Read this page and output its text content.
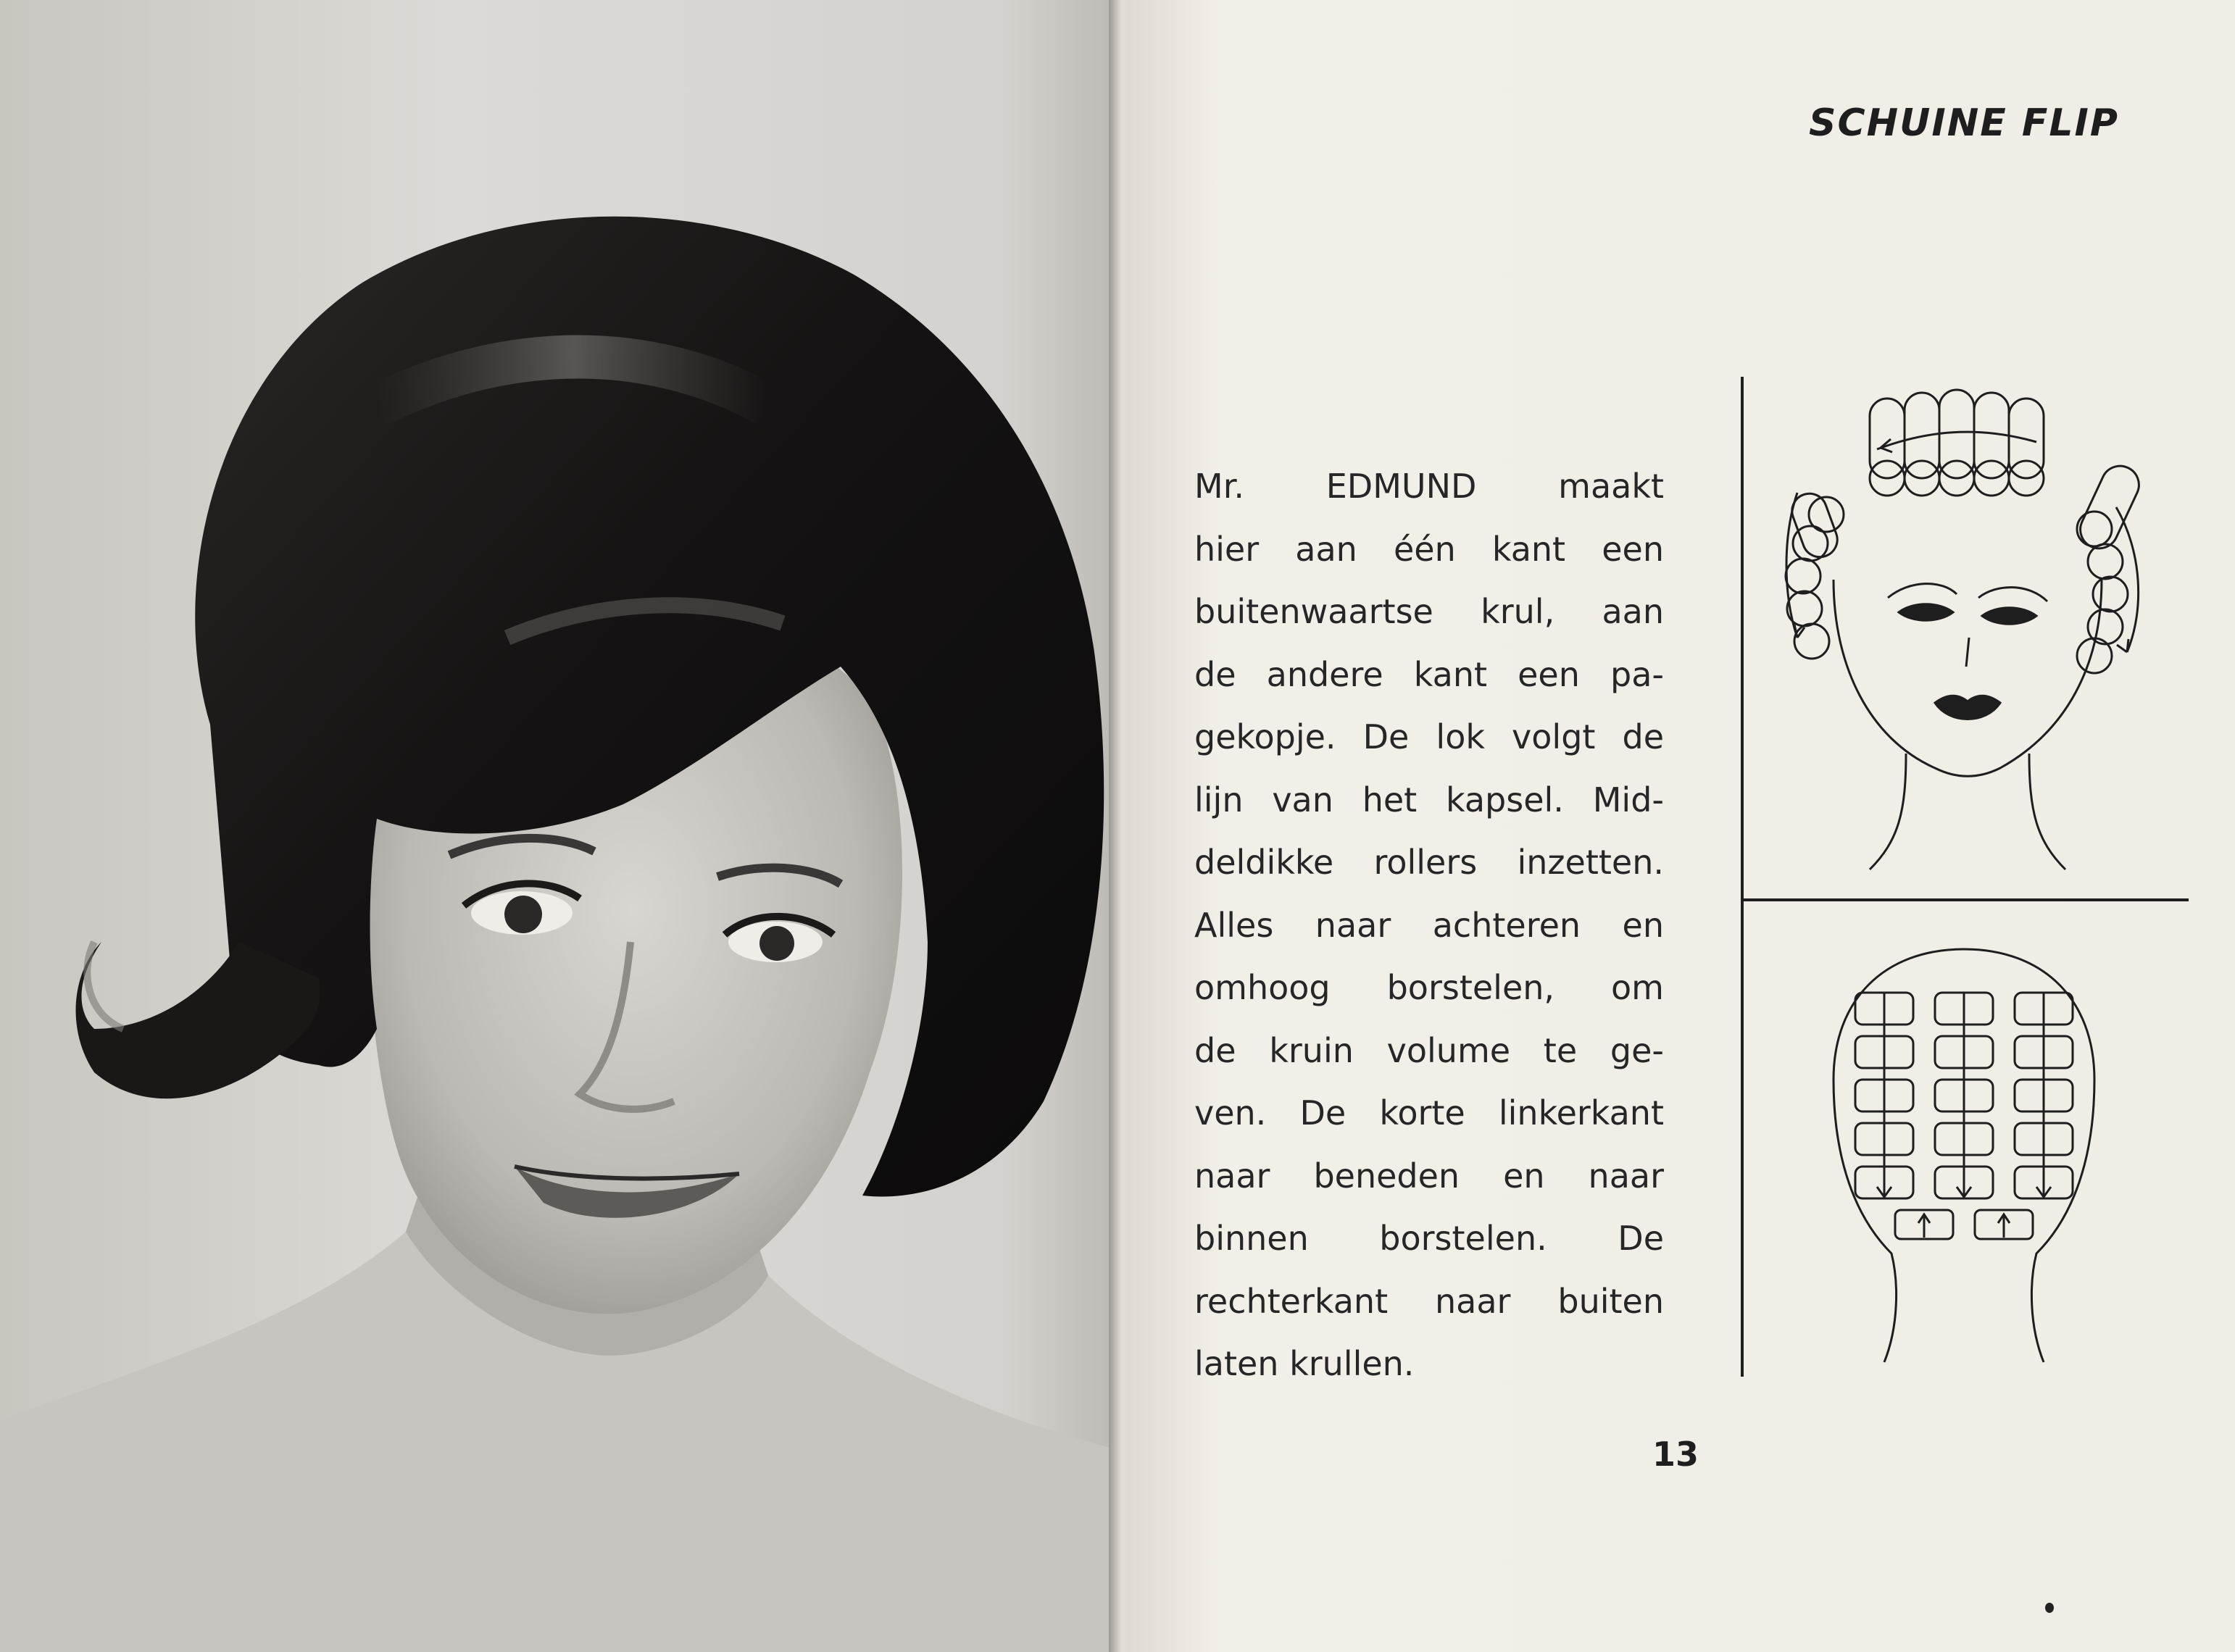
SCHUINE FLIP
Mr. EDMUND maakt
hier aan één kant een
buitenwaartse krul, aan
de andere kant een pa-
gekopje. De lok volgt de
lijn van het kapsel. Mid-
deldikke rollers inzetten.
Alles naar achteren en
omhoog borstelen, om
de kruin volume te ge-
ven. De korte linkerkant
naar beneden en naar
binnen borstelen. De
rechterkant naar buiten
laten krullen.
13
